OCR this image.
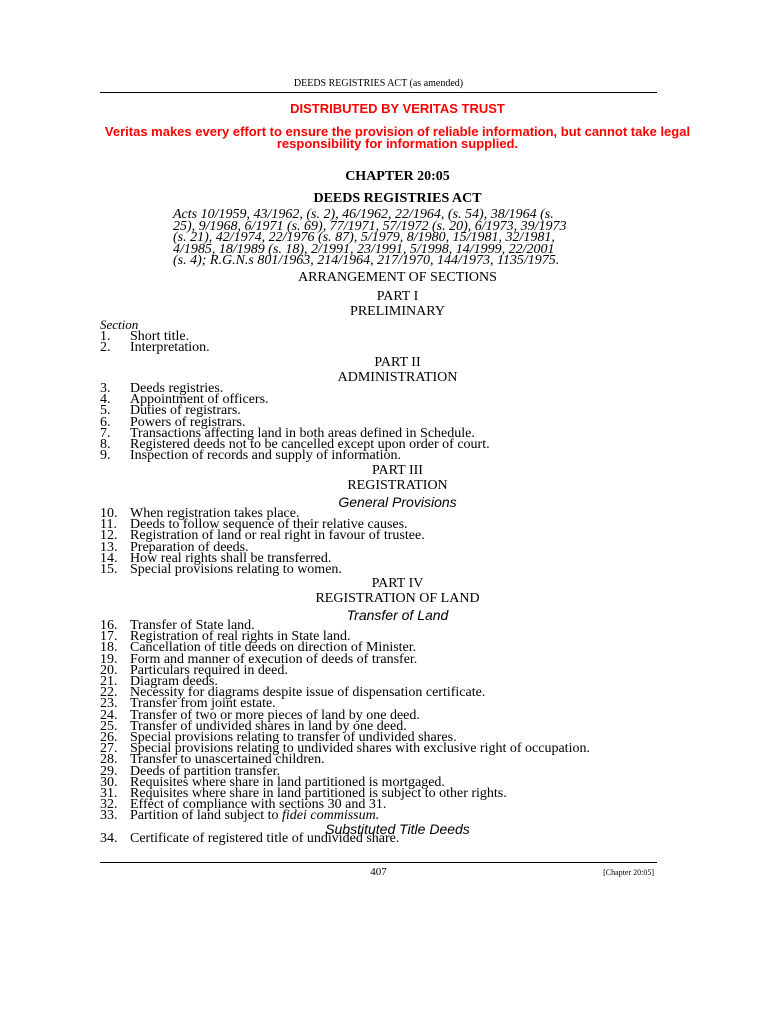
DEEDS REGISTRIES ACT (as amended)
DISTRIBUTED BY VERITAS TRUST
Veritas makes every effort to ensure the provision of reliable information, but cannot take legal
responsibility for information supplied.
CHAPTER 20:05
DEEDS REGISTRIES ACT
Acts 10/1959, 43/1962, (s. 2), 46/1962, 22/1964, (s. 54), 38/1964 (s.
25), 9/1968, 6/1971 (s. 69), 77/1971, 57/1972 (s. 20), 6/1973, 39/1973
(s. 21), 42/1974, 22/1976 (s. 87), 5/1979, 8/1980, 15/1981, 32/1981,
4/1985, 18/1989 (s. 18), 2/1991, 23/1991, 5/1998, 14/1999, 22/2001
(s. 4); R.G.N.s 801/1963, 214/1964, 217/1970, 144/1973, 1135/1975.
ARRANGEMENT OF SECTIONS
PART I
PRELIMINARY
Section
1. Short title.
2. Interpretation.
PART II
ADMINISTRATION
3. Deeds registries.
4. Appointment of officers.
5. Duties of registrars.
6. Powers of registrars.
7. Transactions affecting land in both areas defined in Schedule.
8. Registered deeds not to be cancelled except upon order of court.
9. Inspection of records and supply of information.
PART III
REGISTRATION
General Provisions
10. When registration takes place.
11. Deeds to follow sequence of their relative causes.
12. Registration of land or real right in favour of trustee.
13. Preparation of deeds.
14. How real rights shall be transferred.
15. Special provisions relating to women.
PART IV
REGISTRATION OF LAND
Transfer of Land
16. Transfer of State land.
17. Registration of real rights in State land.
18. Cancellation of title deeds on direction of Minister.
19. Form and manner of execution of deeds of transfer.
20. Particulars required in deed.
21. Diagram deeds.
22. Necessity for diagrams despite issue of dispensation certificate.
23. Transfer from joint estate.
24. Transfer of two or more pieces of land by one deed.
25. Transfer of undivided shares in land by one deed.
26. Special provisions relating to transfer of undivided shares.
27. Special provisions relating to undivided shares with exclusive right of occupation.
28. Transfer to unascertained children.
29. Deeds of partition transfer.
30. Requisites where share in land partitioned is mortgaged.
31. Requisites where share in land partitioned is subject to other rights.
32. Effect of compliance with sections 30 and 31.
33. Partition of land subject to fidei commissum.
Substituted Title Deeds
34. Certificate of registered title of undivided share.
407	[Chapter 20:05]
